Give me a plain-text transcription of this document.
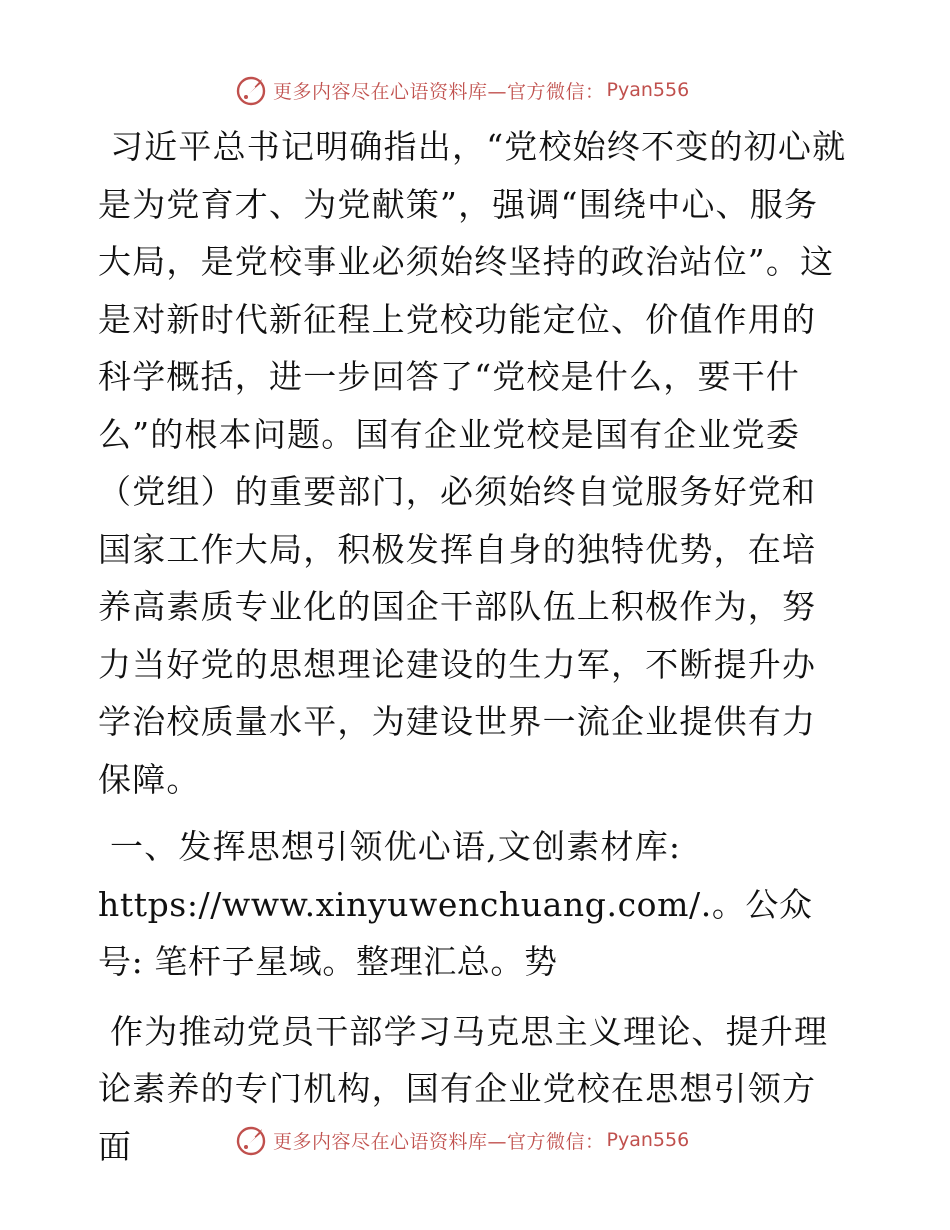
更多内容尽在心语资料库—官方微信： Pyan556

习近平总书记明确指出，“党校始终不变的初心就是为党育才、为党献策”，强调“围绕中心、服务大局，是党校事业必须始终坚持的政治站位”。这是对新时代新征程上党校功能定位、价值作用的科学概括，进一步回答了“党校是什么，要干什么”的根本问题。国有企业党校是国有企业党委（党组）的重要部门，必须始终自觉服务好党和国家工作大局，积极发挥自身的独特优势，在培养高素质专业化的国企干部队伍上积极作为，努力当好党的思想理论建设的生力军，不断提升办学治校质量水平，为建设世界一流企业提供有力保障。

一、发挥思想引领优心语,文创素材库:

https://www.xinyuwenchuang.com/.。公众号: 笔杆子星域。整理汇总。势

作为推动党员干部学习马克思主义理论、提升理论素养的专门机构，国有企业党校在思想引领方面	更多内容尽在心语资料库—官方微信： Pyan556
